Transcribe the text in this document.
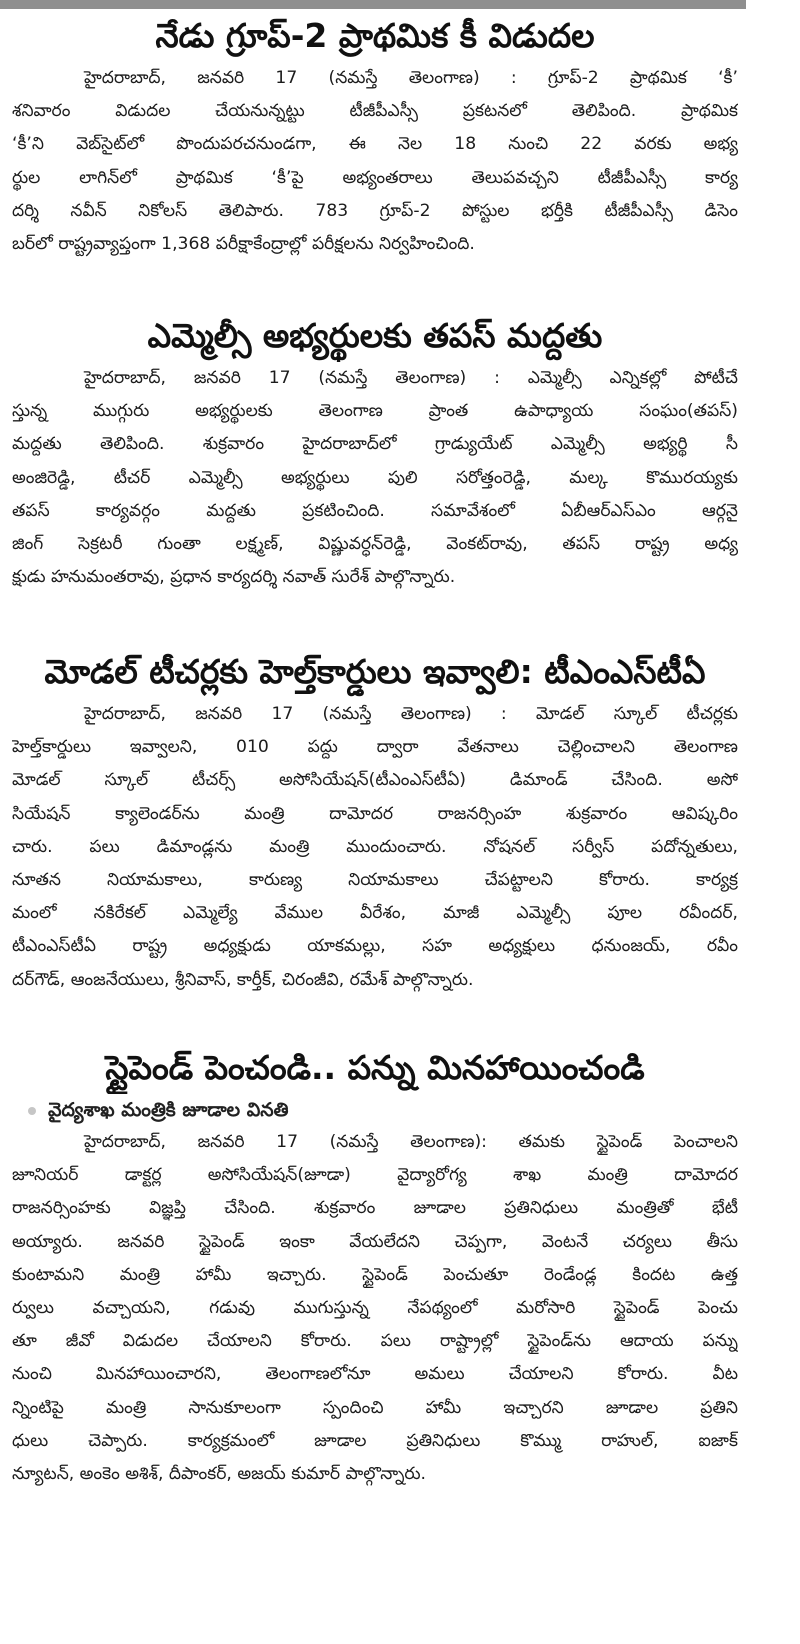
నేడు గ్రూప్-2 ప్రాథమిక కీ విడుదల
హైదరాబాద్, జనవరి 17 (నమస్తే తెలంగాణ) : గ్రూప్-2 ప్రాథమిక ‘కీ’
శనివారం విడుదల చేయనున్నట్టు టీజీపీఎస్సీ ప్రకటనలో తెలిపింది. ప్రాథమిక
‘కీ’ని వెబ్‌సైట్‌లో పొందుపరచనుండగా, ఈ నెల 18 నుంచి 22 వరకు అభ్య
ర్థుల లాగిన్‌లో ప్రాథమిక ‘కీ’పై అభ్యంతరాలు తెలుపవచ్చని టీజీపీఎస్సీ కార్య
దర్శి నవీన్ నికోలస్ తెలిపారు. 783 గ్రూప్-2 పోస్టుల భర్తీకి టీజీపీఎస్సీ డిసెం
బర్‌లో రాష్ట్రవ్యాప్తంగా 1,368 పరీక్షాకేంద్రాల్లో పరీక్షలను నిర్వహించింది.
ఎమ్మెల్సీ అభ్యర్థులకు తపస్ మద్దతు
హైదరాబాద్, జనవరి 17 (నమస్తే తెలంగాణ) : ఎమ్మెల్సీ ఎన్నికల్లో పోటీచే
స్తున్న ముగ్గురు అభ్యర్థులకు తెలంగాణ ప్రాంత ఉపాధ్యాయ సంఘం(తపస్)
మద్దతు తెలిపింది. శుక్రవారం హైదరాబాద్‌లో గ్రాడ్యుయేట్ ఎమ్మెల్సీ అభ్యర్థి సీ
అంజిరెడ్డి, టీచర్ ఎమ్మెల్సీ అభ్యర్థులు పులి సరోత్తంరెడ్డి, మల్క కొమురయ్యకు
తపస్ కార్యవర్గం మద్దతు ప్రకటించింది. సమావేశంలో ఏబీఆర్‌ఎస్‌ఎం ఆర్గనై
జింగ్ సెక్రటరీ గుంతా లక్ష్మణ్, విష్ణువర్ధన్‌రెడ్డి, వెంకట్‌రావు, తపస్ రాష్ట్ర అధ్య
క్షుడు హనుమంతరావు, ప్రధాన కార్యదర్శి నవాత్ సురేశ్ పాల్గొన్నారు.
మోడల్ టీచర్లకు హెల్త్‌కార్డులు ఇవ్వాలి: టీఎంఎస్‌టీఏ
హైదరాబాద్, జనవరి 17 (నమస్తే తెలంగాణ) : మోడల్ స్కూల్ టీచర్లకు
హెల్త్‌కార్డులు ఇవ్వాలని, 010 పద్దు ద్వారా వేతనాలు చెల్లించాలని తెలంగాణ
మోడల్ స్కూల్ టీచర్స్ అసోసియేషన్(టీఎంఎస్‌టీఏ) డిమాండ్ చేసింది. అసో
సియేషన్ క్యాలెండర్‌ను మంత్రి దామోదర రాజనర్సింహ శుక్రవారం ఆవిష్కరిం
చారు. పలు డిమాండ్లను మంత్రి ముందుంచారు. నోషనల్ సర్వీస్ పదోన్నతులు,
నూతన నియామకాలు, కారుణ్య నియామకాలు చేపట్టాలని కోరారు. కార్యక్ర
మంలో నకిరేకల్ ఎమ్మెల్యే వేముల వీరేశం, మాజీ ఎమ్మెల్సీ పూల రవీందర్,
టీఎంఎస్‌టీఏ రాష్ట్ర అధ్యక్షుడు యాకమల్లు, సహ అధ్యక్షులు ధనుంజయ్, రవీం
దర్‌గౌడ్, ఆంజనేయులు, శ్రీనివాస్, కార్తీక్, చిరంజీవి, రమేశ్ పాల్గొన్నారు.
స్టైపెండ్ పెంచండి.. పన్ను మినహాయించండి
వైద్యశాఖ మంత్రికి జూడాల వినతి
హైదరాబాద్, జనవరి 17 (నమస్తే తెలంగాణ): తమకు స్టైపెండ్ పెంచాలని
జూనియర్ డాక్టర్ల అసోసియేషన్(జూడా) వైద్యారోగ్య శాఖ మంత్రి దామోదర
రాజనర్సింహకు విజ్ఞప్తి చేసింది. శుక్రవారం జూడాల ప్రతినిధులు మంత్రితో భేటీ
అయ్యారు. జనవరి స్టైపెండ్ ఇంకా వేయలేదని చెప్పగా, వెంటనే చర్యలు తీసు
కుంటామని మంత్రి హామీ ఇచ్చారు. స్టైపెండ్ పెంచుతూ రెండేండ్ల కిందట ఉత్త
ర్వులు వచ్చాయని, గడువు ముగుస్తున్న నేపథ్యంలో మరోసారి స్టైపెండ్ పెంచు
తూ జీవో విడుదల చేయాలని కోరారు. పలు రాష్ట్రాల్లో స్టైపెండ్‌ను ఆదాయ పన్ను
నుంచి మినహాయించారని, తెలంగాణలోనూ అమలు చేయాలని కోరారు. వీట
న్నింటిపై మంత్రి సానుకూలంగా స్పందించి హామీ ఇచ్చారని జూడాల ప్రతిని
ధులు చెప్పారు. కార్యక్రమంలో జూడాల ప్రతినిధులు కొమ్ము రాహుల్, ఐజాక్
న్యూటన్, అంకెం అశిశ్, దీపాంకర్, అజయ్ కుమార్ పాల్గొన్నారు.
